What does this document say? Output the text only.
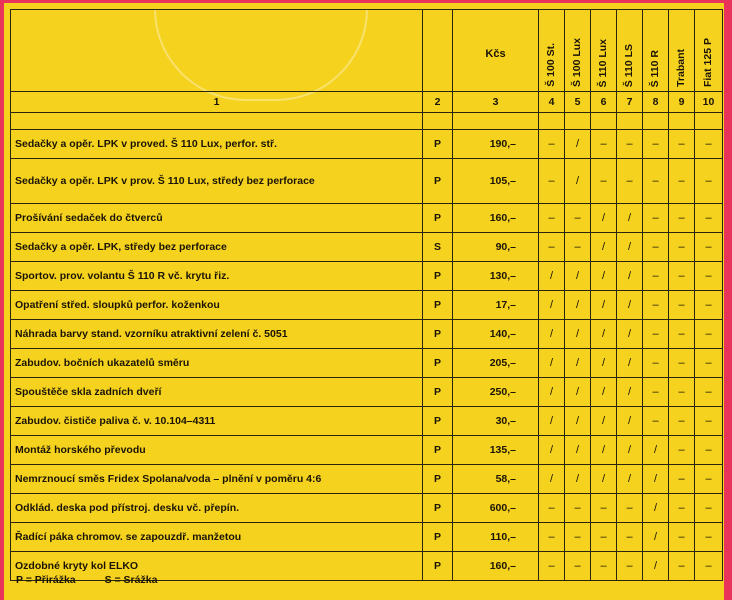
		Kčs	Š 100 St.	Š 100 Lux	Š 110 Lux	Š 110 LS	Š 110 R	Trabant	Fiat 125 P
1	2	3	4	5	6	7	8	9	10

Sedačky a opěr. LPK v proved. Š 110 Lux, perfor. stř.	P	190,–	–	/	–	–	–	–	–
Sedačky a opěr. LPK v prov. Š 110 Lux, středy bez perforace	P	105,–	–	/	–	–	–	–	–
Prošívání sedaček do čtverců	P	160,–	–	–	/	/	–	–	–
Sedačky a opěr. LPK, středy bez perforace	S	90,–	–	–	/	/	–	–	–
Sportov. prov. volantu Š 110 R vč. krytu řiz.	P	130,–	/	/	/	/	–	–	–
Opatření střed. sloupků perfor. koženkou	P	17,–	/	/	/	/	–	–	–
Náhrada barvy stand. vzorníku atraktivní zelení č. 5051	P	140,–	/	/	/	/	–	–	–
Zabudov. bočních ukazatelů směru	P	205,–	/	/	/	/	–	–	–
Spouštěče skla zadních dveří	P	250,–	/	/	/	/	–	–	–
Zabudov. čističe paliva č. v. 10.104–4311	P	30,–	/	/	/	/	–	–	–
Montáž horského převodu	P	135,–	/	/	/	/	/	–	–
Nemrznoucí směs Fridex Spolana/voda – plnění v poměru 4:6	P	58,–	/	/	/	/	/	–	–
Odklád. deska pod přístroj. desku vč. přepín.	P	600,–	–	–	–	–	/	–	–
Řadící páka chromov. se zapouzdř. manžetou	P	110,–	–	–	–	–	/	–	–
Ozdobné kryty kol ELKO	P	160,–	–	–	–	–	/	–	–
P = Přirážka	S = Srážka
